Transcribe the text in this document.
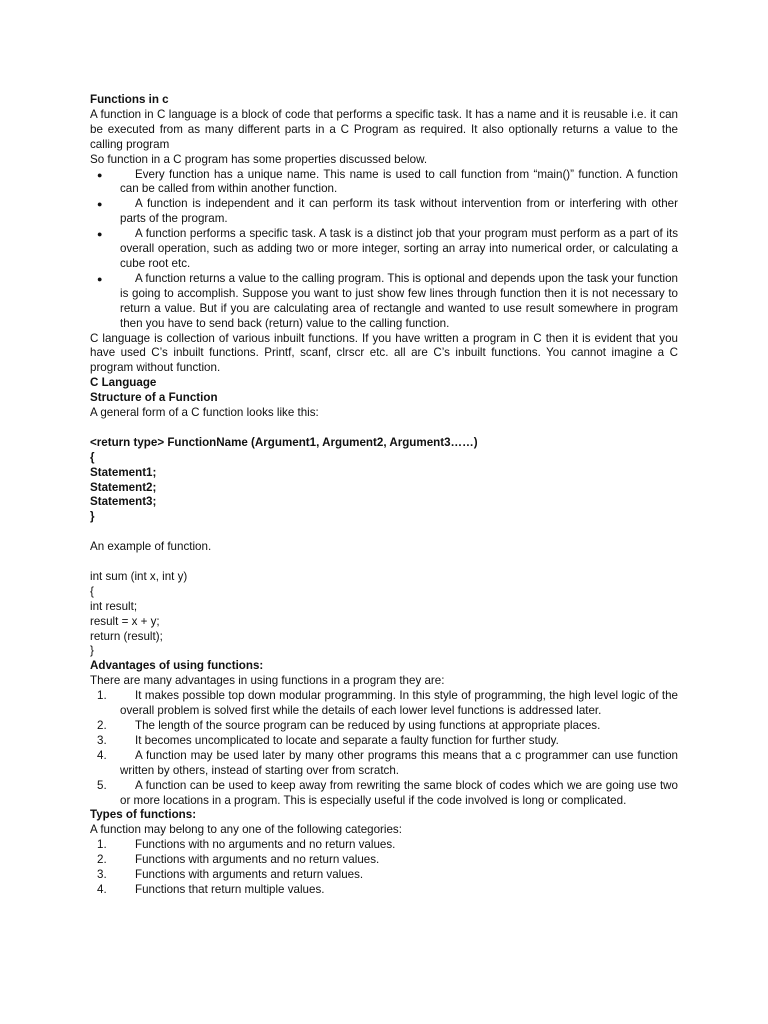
Functions in c

A function in C language is a block of code that performs a specific task. It has a name and it is reusable i.e. it can be executed from as many different parts in a C Program as required. It also optionally returns a value to the calling program

So function in a C program has some properties discussed below.

●	Every function has a unique name. This name is used to call function from “main()” function. A function can be called from within another function.
●	A function is independent and it can perform its task without intervention from or interfering with other parts of the program.
●	A function performs a specific task. A task is a distinct job that your program must perform as a part of its overall operation, such as adding two or more integer, sorting an array into numerical order, or calculating a cube root etc.
●	A function returns a value to the calling program. This is optional and depends upon the task your function is going to accomplish. Suppose you want to just show few lines through function then it is not necessary to return a value. But if you are calculating area of rectangle and wanted to use result somewhere in program then you have to send back (return) value to the calling function.

C language is collection of various inbuilt functions. If you have written a program in C then it is evident that you have used C’s inbuilt functions. Printf, scanf, clrscr etc. all are C’s inbuilt functions. You cannot imagine a C program without function.

C Language

Structure of a Function

A general form of a C function looks like this:

<return type> FunctionName (Argument1, Argument2, Argument3……)

{

Statement1;

Statement2;

Statement3;

}

An example of function.

int sum (int x, int y)

{

int result;

result = x + y;

return (result);

}

Advantages of using functions:

There are many advantages in using functions in a program they are:

1. It makes possible top down modular programming. In this style of programming, the high level logic of the overall problem is solved first while the details of each lower level functions is addressed later.
2. The length of the source program can be reduced by using functions at appropriate places.
3. It becomes uncomplicated to locate and separate a faulty function for further study.
4. A function may be used later by many other programs this means that a c programmer can use function written by others, instead of starting over from scratch.
5. A function can be used to keep away from rewriting the same block of codes which we are going use two or more locations in a program. This is especially useful if the code involved is long or complicated.

Types of functions:

A function may belong to any one of the following categories:

1. Functions with no arguments and no return values.
2. Functions with arguments and no return values.
3. Functions with arguments and return values.
4. Functions that return multiple values.
